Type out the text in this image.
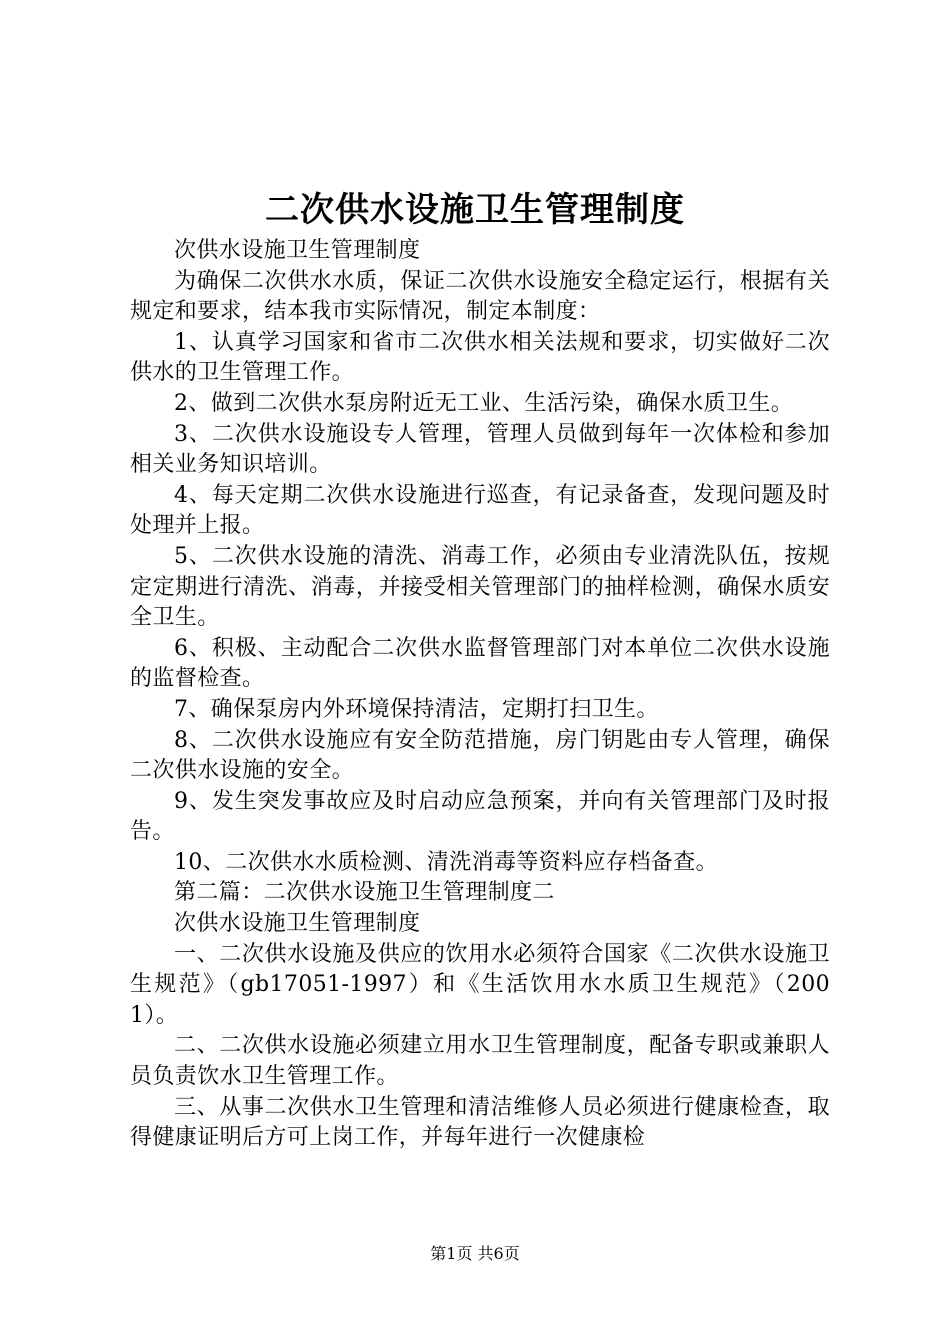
二次供水设施卫生管理制度

次供水设施卫生管理制度

为确保二次供水水质，保证二次供水设施安全稳定运行，根据有关规定和要求，结本我市实际情况，制定本制度：

1、认真学习国家和省市二次供水相关法规和要求，切实做好二次供水的卫生管理工作。

2、做到二次供水泵房附近无工业、生活污染，确保水质卫生。

3、二次供水设施设专人管理，管理人员做到每年一次体检和参加相关业务知识培训。

4、每天定期二次供水设施进行巡查，有记录备查，发现问题及时处理并上报。

5、二次供水设施的清洗、消毒工作，必须由专业清洗队伍，按规定定期进行清洗、消毒，并接受相关管理部门的抽样检测，确保水质安全卫生。

6、积极、主动配合二次供水监督管理部门对本单位二次供水设施的监督检查。

7、确保泵房内外环境保持清洁，定期打扫卫生。

8、二次供水设施应有安全防范措施，房门钥匙由专人管理，确保二次供水设施的安全。

9、发生突发事故应及时启动应急预案，并向有关管理部门及时报告。

10、二次供水水质检测、清洗消毒等资料应存档备查。

第二篇：二次供水设施卫生管理制度二

次供水设施卫生管理制度

一、二次供水设施及供应的饮用水必须符合国家《二次供水设施卫生规范》（gb17051-1997）和《生活饮用水水质卫生规范》（2001）。

二、二次供水设施必须建立用水卫生管理制度，配备专职或兼职人员负责饮水卫生管理工作。

三、从事二次供水卫生管理和清洁维修人员必须进行健康检查，取得健康证明后方可上岗工作，并每年进行一次健康检

第1页 共6页
